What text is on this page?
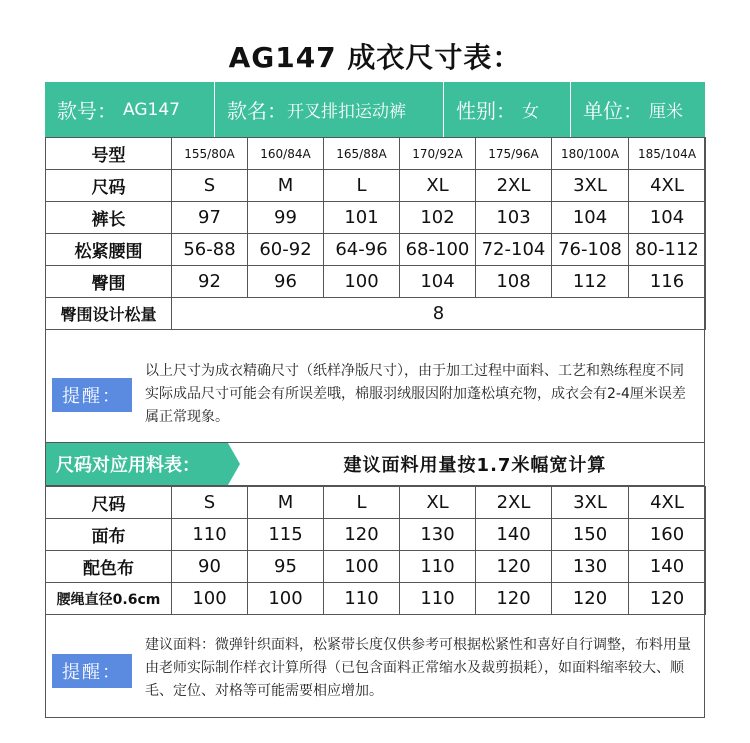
AG147 成衣尺寸表：
款号： AG147 款名： 开叉排扣运动裤	性别： 女 单位： 厘米
号型	155/80A	160/84A	165/88A	170/92A	175/96A	180/100A	185/104A
尺码	S	M	L	XL	2XL	3XL	4XL
裤长	97	99	101	102	103	104	104
松紧腰围	56-88	60-92	64-96	68-100	72-104	76-108	80-112
臀围	92	96	100	104	108	112	116
臀围设计松量	8						
提醒：
以上尺寸为成衣精确尺寸（纸样净版尺寸），由于加工过程中面料、工艺和熟练程度不同实际成品尺寸可能会有所误差哦，棉服羽绒服因附加蓬松填充物，成衣会有2-4厘米误差属正常现象。
尺码对应用料表：	建议面料用量按1.7米幅宽计算
尺码	S	M	L	XL	2XL	3XL	4XL
面布	110	115	120	130	140	150	160
配色布	90	95	100	110	120	130	140
腰绳直径0.6cm	100	100	110	110	120	120	120
提醒：
建议面料：微弹针织面料，松紧带长度仅供参考可根据松紧性和喜好自行调整，布料用量由老师实际制作样衣计算所得（已包含面料正常缩水及裁剪损耗），如面料缩率较大、顺毛、定位、对格等可能需要相应增加。
